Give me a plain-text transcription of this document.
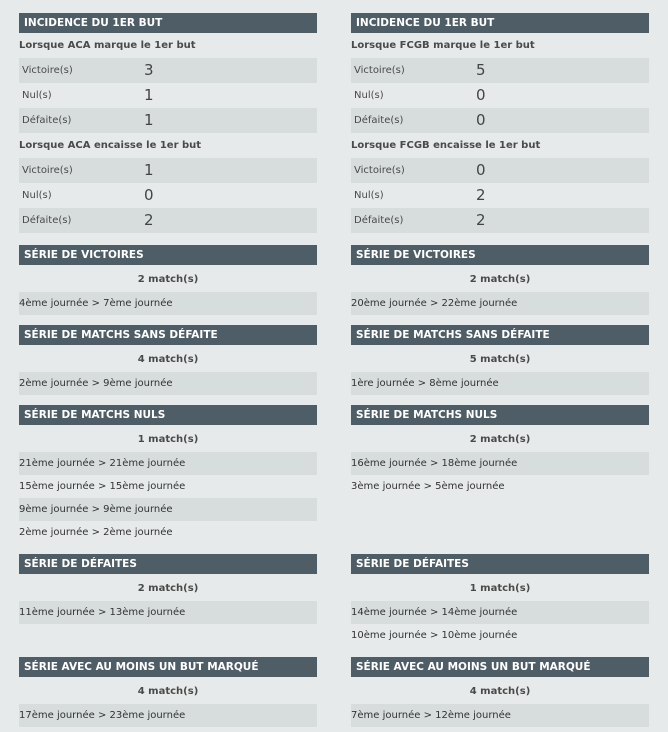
INCIDENCE DU 1ER BUT
Lorsque ACA marque le 1er but
Victoire(s)	3
Nul(s)	1
Défaite(s)	1
Lorsque ACA encaisse le 1er but
Victoire(s)	1
Nul(s)	0
Défaite(s)	2
SÉRIE DE VICTOIRES
2 match(s)
4ème journée > 7ème journée
SÉRIE DE MATCHS SANS DÉFAITE
4 match(s)
2ème journée > 9ème journée
SÉRIE DE MATCHS NULS
1 match(s)
21ème journée > 21ème journée
15ème journée > 15ème journée
9ème journée > 9ème journée
2ème journée > 2ème journée
SÉRIE DE DÉFAITES
2 match(s)
11ème journée > 13ème journée
SÉRIE AVEC AU MOINS UN BUT MARQUÉ
4 match(s)
17ème journée > 23ème journée
INCIDENCE DU 1ER BUT
Lorsque FCGB marque le 1er but
Victoire(s)	5
Nul(s)	0
Défaite(s)	0
Lorsque FCGB encaisse le 1er but
Victoire(s)	0
Nul(s)	2
Défaite(s)	2
SÉRIE DE VICTOIRES
2 match(s)
20ème journée > 22ème journée
SÉRIE DE MATCHS SANS DÉFAITE
5 match(s)
1ère journée > 8ème journée
SÉRIE DE MATCHS NULS
2 match(s)
16ème journée > 18ème journée
3ème journée > 5ème journée
SÉRIE DE DÉFAITES
1 match(s)
14ème journée > 14ème journée
10ème journée > 10ème journée
SÉRIE AVEC AU MOINS UN BUT MARQUÉ
4 match(s)
7ème journée > 12ème journée
